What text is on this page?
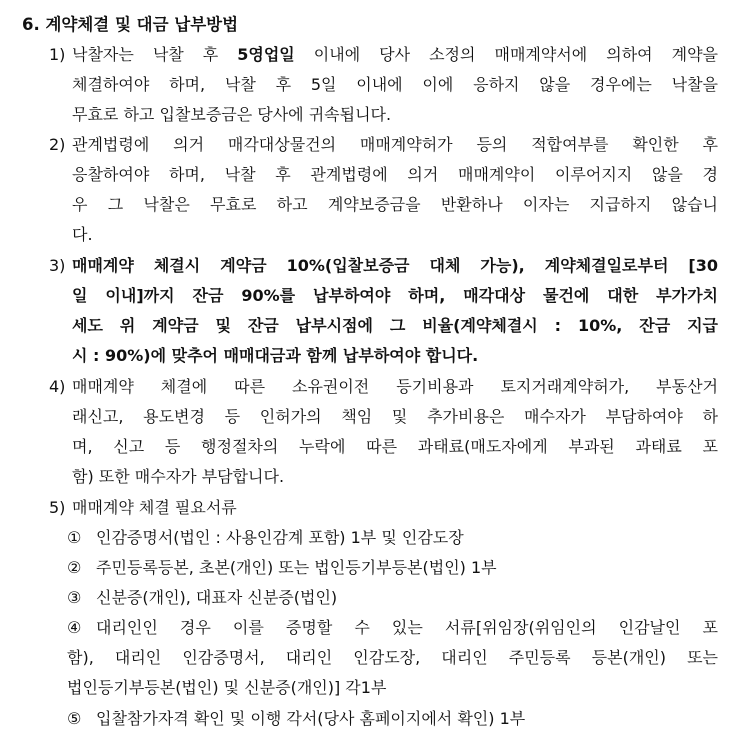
6. 계약체결 및 대금 납부방법
1) 낙찰자는 낙찰 후 5영업일 이내에 당사 소정의 매매계약서에 의하여 계약을
체결하여야 하며, 낙찰 후 5일 이내에 이에 응하지 않을 경우에는 낙찰을
무효로 하고 입찰보증금은 당사에 귀속됩니다.
2) 관계법령에 의거 매각대상물건의 매매계약허가 등의 적합여부를 확인한 후
응찰하여야 하며, 낙찰 후 관계법령에 의거 매매계약이 이루어지지 않을 경
우 그 낙찰은 무효로 하고 계약보증금을 반환하나 이자는 지급하지 않습니
다.
3) 매매계약 체결시 계약금 10%(입찰보증금 대체 가능), 계약체결일로부터 [30
일 이내]까지 잔금 90%를 납부하여야 하며, 매각대상 물건에 대한 부가가치
세도 위 계약금 및 잔금 납부시점에 그 비율(계약체결시 : 10%, 잔금 지급
시 : 90%)에 맞추어 매매대금과 함께 납부하여야 합니다.
4) 매매계약 체결에 따른 소유권이전 등기비용과 토지거래계약허가, 부동산거
래신고, 용도변경 등 인허가의 책임 및 추가비용은 매수자가 부담하여야 하
며, 신고 등 행정절차의 누락에 따른 과태료(매도자에게 부과된 과태료 포
함) 또한 매수자가 부담합니다.
5) 매매계약 체결 필요서류
① 인감증명서(법인 : 사용인감계 포함) 1부 및 인감도장
② 주민등록등본, 초본(개인) 또는 법인등기부등본(법인) 1부
③ 신분증(개인), 대표자 신분증(법인)
④ 대리인인 경우 이를 증명할 수 있는 서류[위임장(위임인의 인감날인 포
함), 대리인 인감증명서, 대리인 인감도장, 대리인 주민등록 등본(개인) 또는
법인등기부등본(법인) 및 신분증(개인)] 각1부
⑤ 입찰참가자격 확인 및 이행 각서(당사 홈페이지에서 확인) 1부
